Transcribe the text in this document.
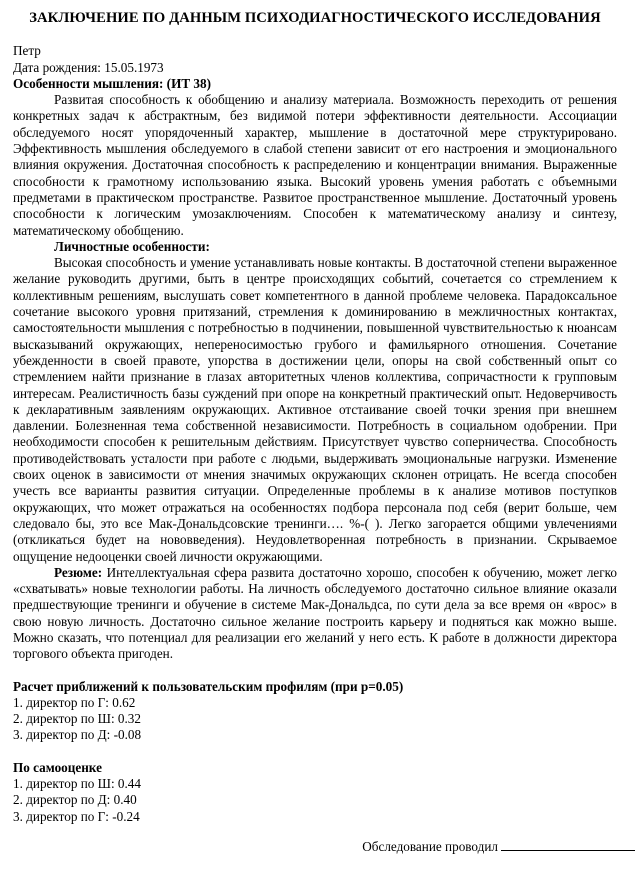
ЗАКЛЮЧЕНИЕ ПО ДАННЫМ ПСИХОДИАГНОСТИЧЕСКОГО ИССЛЕДОВАНИЯ

Петр

Дата рождения: 15.05.1973

Особенности мышления: (ИТ 38)

Развитая способность к обобщению и анализу материала. Возможность переходить от решения конкретных задач к абстрактным, без видимой потери эффективности деятельности. Ассоциации обследуемого носят упорядоченный характер, мышление в достаточной мере структурировано. Эффективность мышления обследуемого в слабой степени зависит от его настроения и эмоционального влияния окружения. Достаточная способность к распределению и концентрации внимания. Выраженные способности к грамотному использованию языка. Высокий уровень умения работать с объемными предметами в практическом пространстве. Развитое пространственное мышление. Достаточный уровень способности к логическим умозаключениям. Способен к математическому анализу и синтезу, математическому обобщению.

Личностные особенности:

Высокая способность и умение устанавливать новые контакты. В достаточной степени выраженное желание руководить другими, быть в центре происходящих событий, сочетается со стремлением к коллективным решениям, выслушать совет компетентного в данной проблеме человека. Парадоксальное сочетание высокого уровня притязаний, стремления к доминированию в межличностных контактах, самостоятельности мышления с потребностью в подчинении, повышенной чувствительностью к нюансам высказываний окружающих, непереносимостью грубого и фамильярного отношения. Сочетание убежденности в своей правоте, упорства в достижении цели, опоры на свой собственный опыт со стремлением найти признание в глазах авторитетных членов коллектива, сопричастности к групповым интересам. Реалистичность базы суждений при опоре на конкретный практический опыт. Недоверчивость к декларативным заявлениям окружающих. Активное отстаивание своей точки зрения при внешнем давлении. Болезненная тема собственной независимости. Потребность в социальном одобрении. При необходимости способен к решительным действиям. Присутствует чувство соперничества. Способность противодействовать усталости при работе с людьми, выдерживать эмоциональные нагрузки. Изменение своих оценок в зависимости от мнения значимых окружающих склонен отрицать. Не всегда способен учесть все варианты развития ситуации. Определенные проблемы в к анализе мотивов поступков окружающих, что может отражаться на особенностях подбора персонала под себя (верит больше, чем следовало бы, это все Мак-Дональдсовские тренинги…. %-( ). Легко загорается общими увлечениями (откликаться будет на нововведения). Неудовлетворенная потребность в признании. Скрываемое ощущение недооценки своей личности окружающими.

Резюме: Интеллектуальная сфера развита достаточно хорошо, способен к обучению, может легко «схватывать» новые технологии работы. На личность обследуемого достаточно сильное влияние оказали предшествующие тренинги и обучение в системе Мак-Дональдса, по сути дела за все время он «врос» в свою новую личность. Достаточно сильное желание построить карьеру и подняться как можно выше. Можно сказать, что потенциал для реализации его желаний у него есть. К работе в должности директора торгового объекта пригоден.

Расчет приближений к пользовательским профилям (при p=0.05)

1. директор по Г: 0.62
2. директор по Ш: 0.32
3. директор по Д: -0.08

По самооценке

1. директор по Ш: 0.44
2. директор по Д: 0.40
3. директор по Г: -0.24
Обследование проводил
